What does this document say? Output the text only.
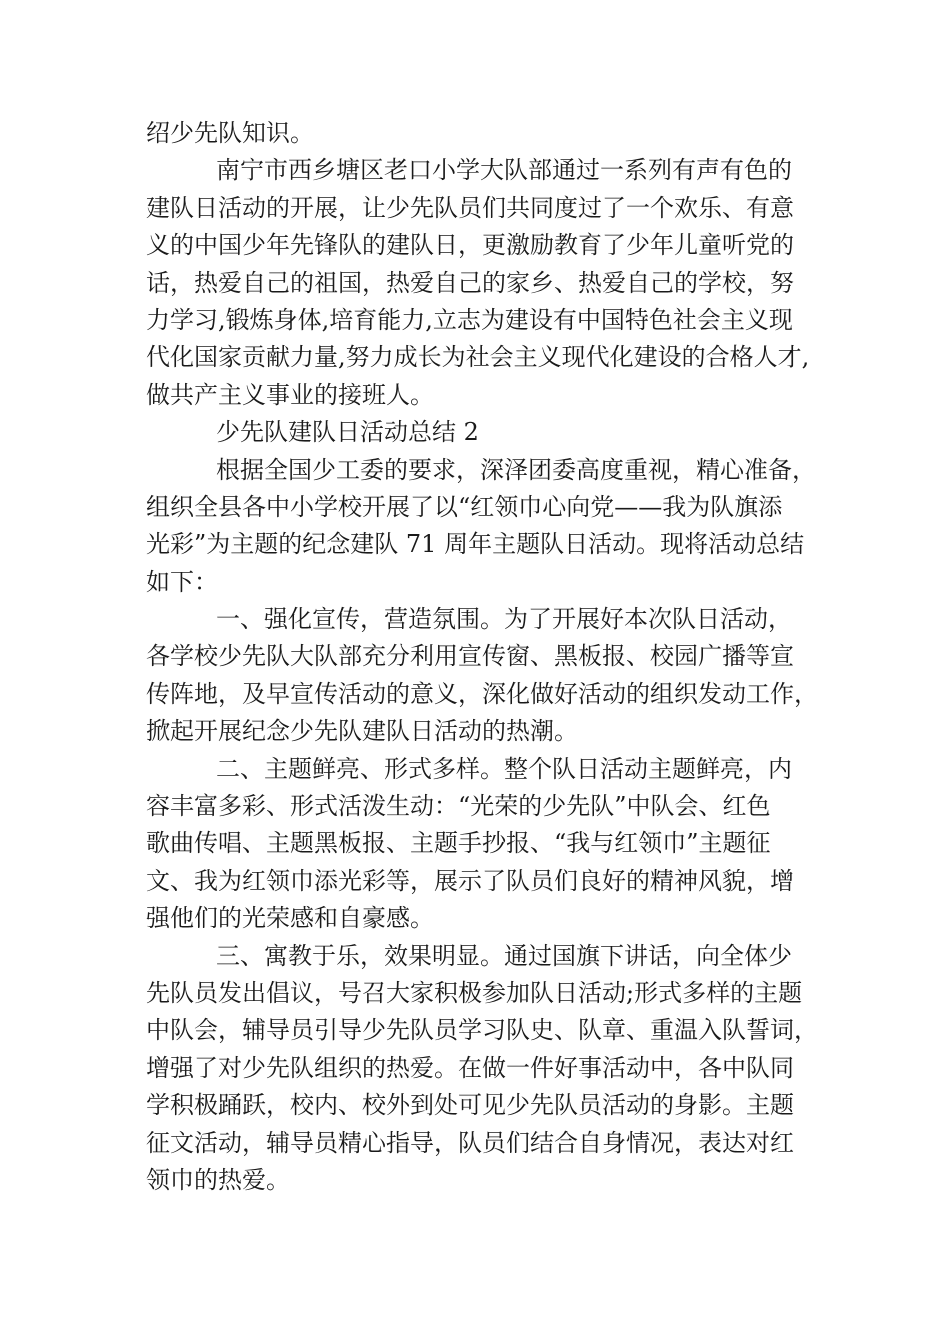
绍少先队知识。
南宁市西乡塘区老口小学大队部通过一系列有声有色的
建队日活动的开展，让少先队员们共同度过了一个欢乐、有意
义的中国少年先锋队的建队日，更激励教育了少年儿童听党的
话，热爱自己的祖国，热爱自己的家乡、热爱自己的学校，努
力学习,锻炼身体,培育能力,立志为建设有中国特色社会主义现
代化国家贡献力量,努力成长为社会主义现代化建设的合格人才,
做共产主义事业的接班人。
少先队建队日活动总结 2
根据全国少工委的要求，深泽团委高度重视，精心准备，
组织全县各中小学校开展了以“红领巾心向党——我为队旗添
光彩”为主题的纪念建队 71 周年主题队日活动。现将活动总结
如下：
一、强化宣传，营造氛围。为了开展好本次队日活动，
各学校少先队大队部充分利用宣传窗、黑板报、校园广播等宣
传阵地，及早宣传活动的意义，深化做好活动的组织发动工作，
掀起开展纪念少先队建队日活动的热潮。
二、主题鲜亮、形式多样。整个队日活动主题鲜亮，内
容丰富多彩、形式活泼生动：“光荣的少先队”中队会、红色
歌曲传唱、主题黑板报、主题手抄报、“我与红领巾”主题征
文、我为红领巾添光彩等，展示了队员们良好的精神风貌，增
强他们的光荣感和自豪感。
三、寓教于乐，效果明显。通过国旗下讲话，向全体少
先队员发出倡议，号召大家积极参加队日活动;形式多样的主题
中队会，辅导员引导少先队员学习队史、队章、重温入队誓词，
增强了对少先队组织的热爱。在做一件好事活动中，各中队同
学积极踊跃，校内、校外到处可见少先队员活动的身影。主题
征文活动，辅导员精心指导，队员们结合自身情况，表达对红
领巾的热爱。
